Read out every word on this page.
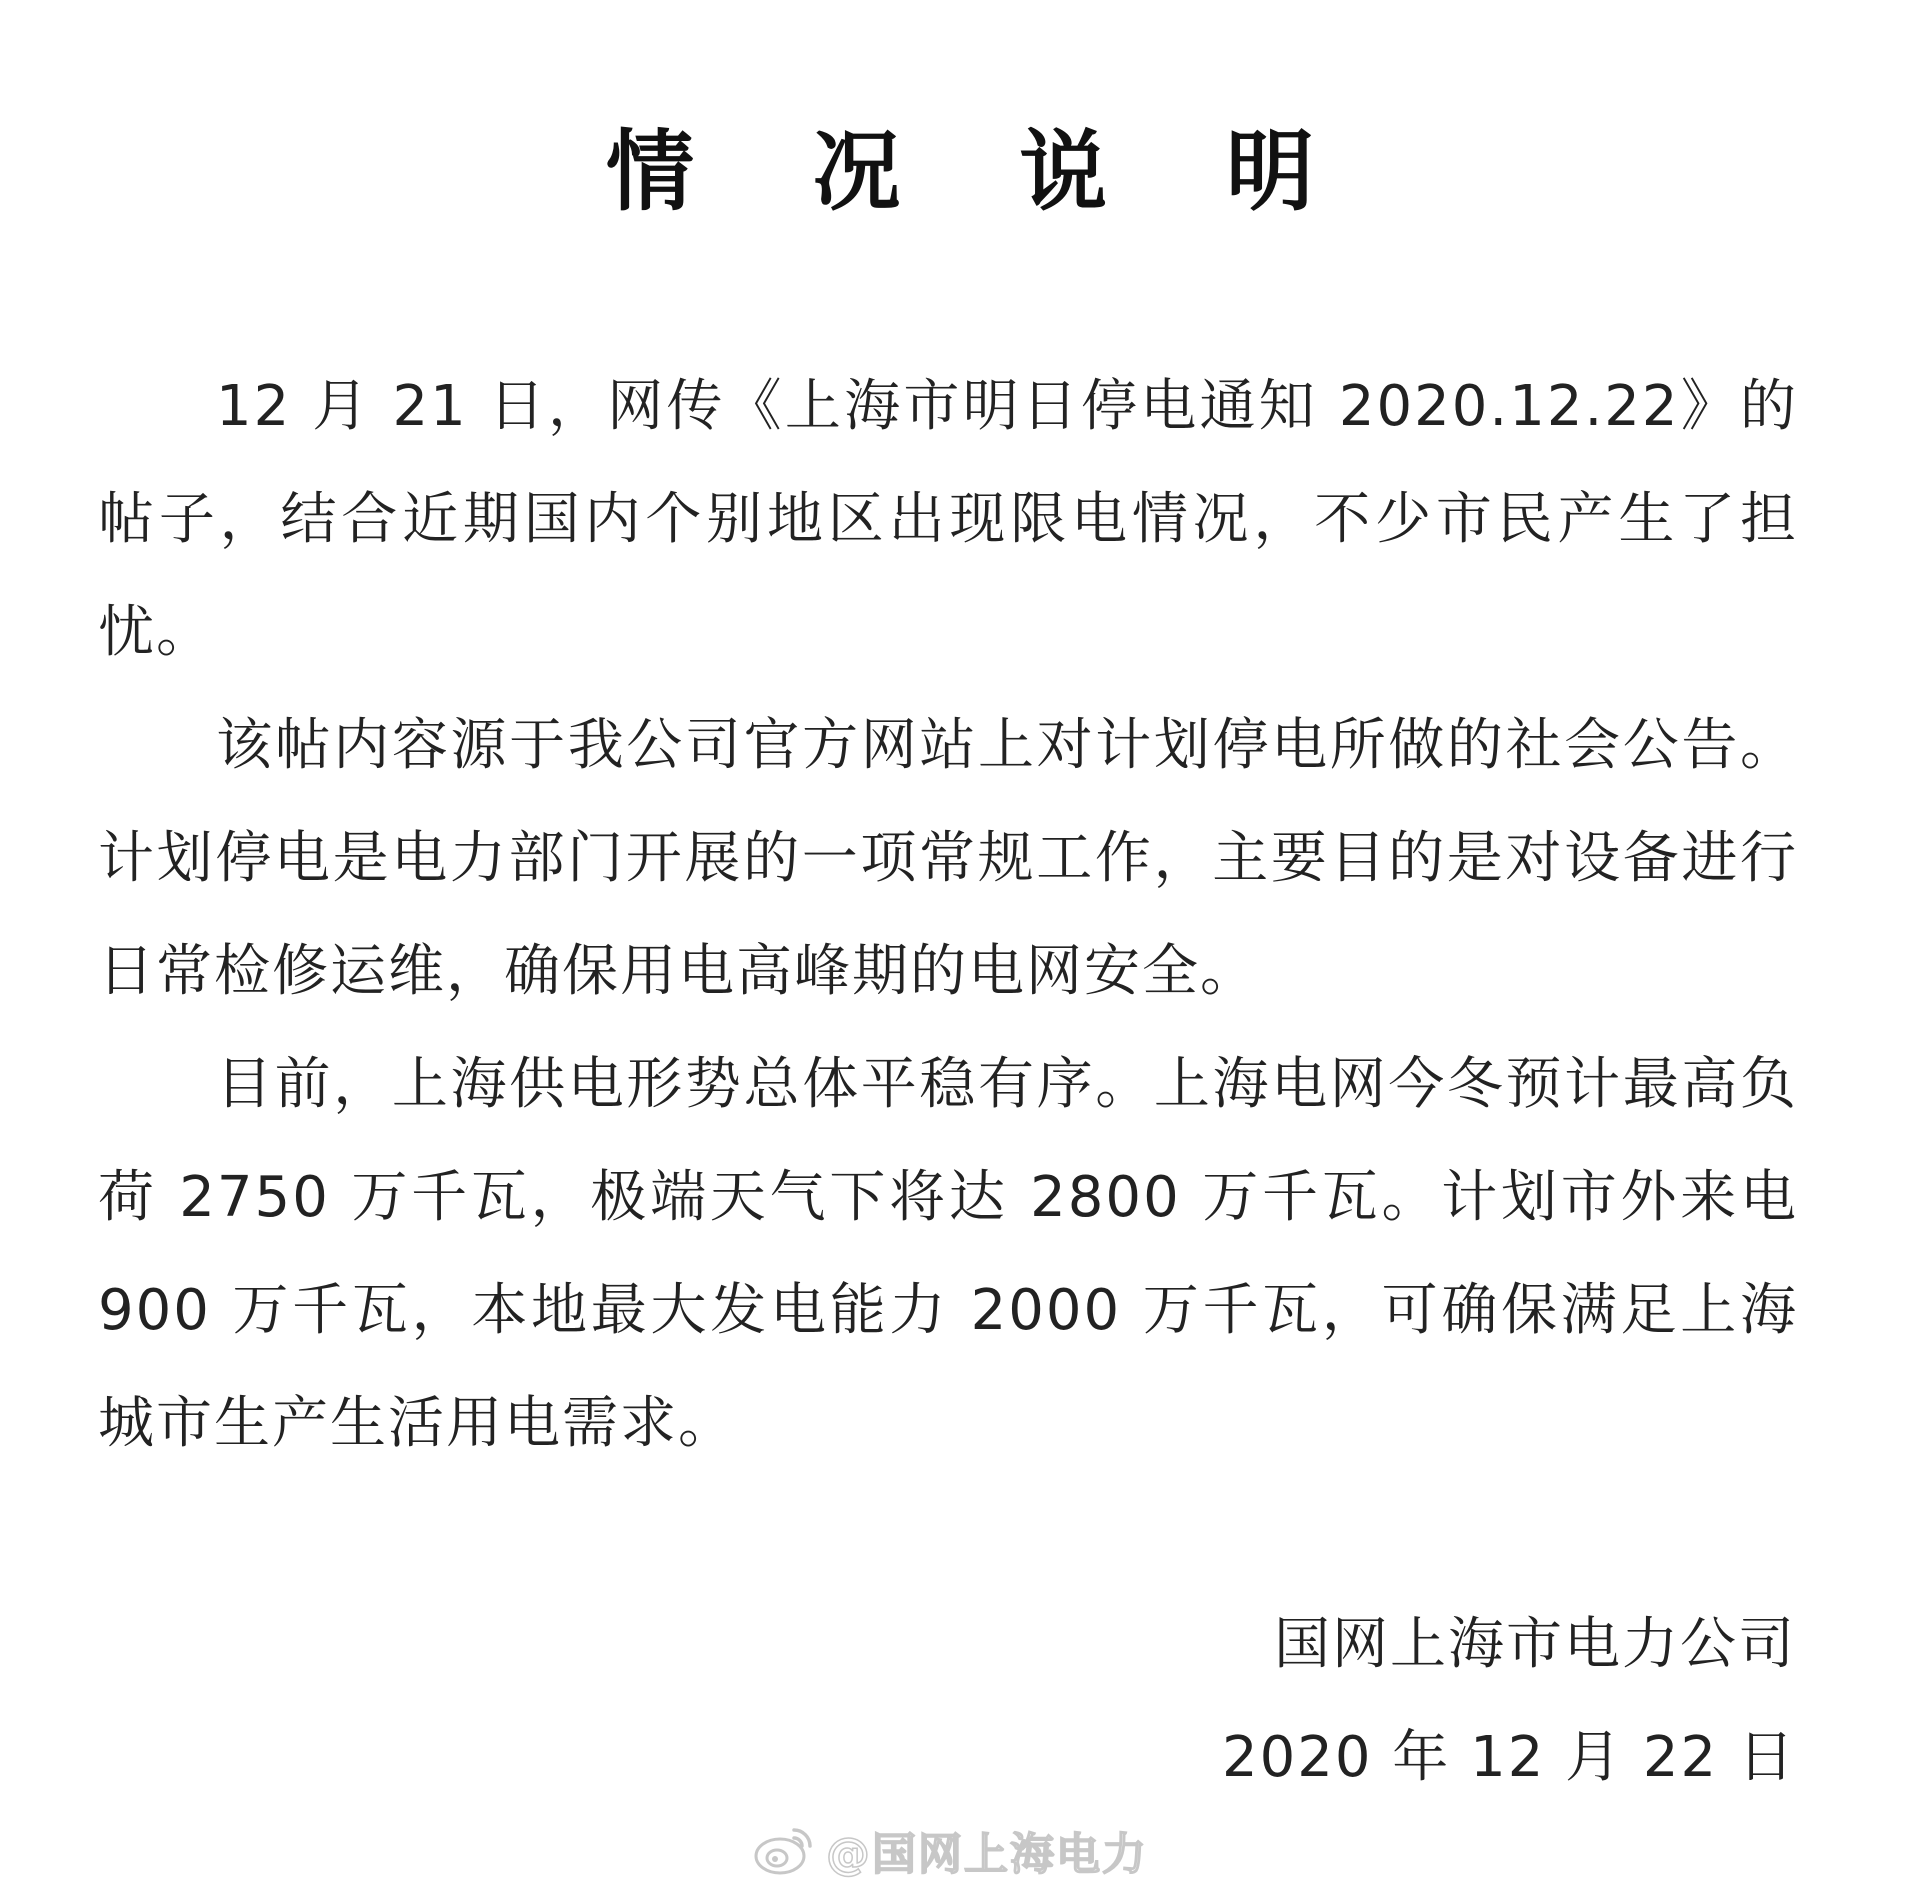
情 况 说 明

12 月 21 日，网传《上海市明日停电通知 2020.12.22》的帖子，结合近期国内个别地区出现限电情况，不少市民产生了担忧。

该帖内容源于我公司官方网站上对计划停电所做的社会公告。计划停电是电力部门开展的一项常规工作，主要目的是对设备进行日常检修运维，确保用电高峰期的电网安全。

目前，上海供电形势总体平稳有序。上海电网今冬预计最高负荷 2750 万千瓦，极端天气下将达 2800 万千瓦。计划市外来电 900 万千瓦，本地最大发电能力 2000 万千瓦，可确保满足上海城市生产生活用电需求。

国网上海市电力公司
2020 年 12 月 22 日
@国网上海电力
